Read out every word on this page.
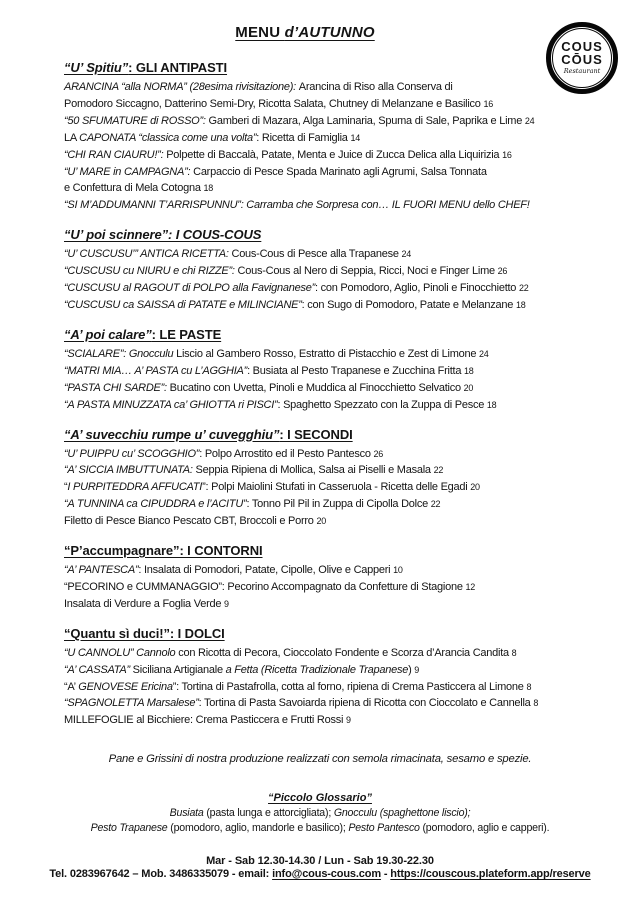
MENU d’AUTUNNO
COUS
CŌUS
Restaurant
“U’ Spitiu”: GLI ANTIPASTI
ARANCINA “alla NORMA” (28esima rivisitazione): Arancina di Riso alla Conserva di
Pomodoro Siccagno, Datterino Semi-Dry, Ricotta Salata, Chutney di Melanzane e Basilico 16
“50 SFUMATURE di ROSSO”: Gamberi di Mazara, Alga Laminaria, Spuma di Sale, Paprika e Lime 24
LA CAPONATA “classica come una volta”: Ricetta di Famiglia 14
“CHI RAN CIAURU!”: Polpette di Baccalà, Patate, Menta e Juice di Zucca Delica alla Liquirizia 16
“U’ MARE in CAMPAGNA”: Carpaccio di Pesce Spada Marinato agli Agrumi, Salsa Tonnata
e Confettura di Mela Cotogna 18
“SI M’ADDUMANNI T’ARRISPUNNU”: Carramba che Sorpresa con… IL FUORI MENU dello CHEF!
“U’ poi scinnere”: I COUS-COUS
“U’ CUSCUSU’” ANTICA RICETTA: Cous-Cous di Pesce alla Trapanese 24
“CUSCUSU cu NIURU e chi RIZZE”: Cous-Cous al Nero di Seppia, Ricci, Noci e Finger Lime 26
“CUSCUSU al RAGOUT di POLPO alla Favignanese”: con Pomodoro, Aglio, Pinoli e Finocchietto 22
“CUSCUSU ca SAISSA di PATATE e MILINCIANE”: con Sugo di Pomodoro, Patate e Melanzane 18
“A’ poi calare”: LE PASTE
“SCIALARE”: Gnocculu Liscio al Gambero Rosso, Estratto di Pistacchio e Zest di Limone 24
“MATRI MIA… A’ PASTA cu L’AGGHIA”: Busiata al Pesto Trapanese e Zucchina Fritta 18
“PASTA CHI SARDE”: Bucatino con Uvetta, Pinoli e Muddica al Finocchietto Selvatico 20
“A PASTA MINUZZATA ca’ GHIOTTA ri PISCI”: Spaghetto Spezzato con la Zuppa di Pesce 18
“A’ suvecchiu rumpe u’ cuvegghiu”: I SECONDI
“U’ PUIPPU cu’ SCOGGHIO”: Polpo Arrostito ed il Pesto Pantesco 26
“A’ SICCIA IMBUTTUNATA: Seppia Ripiena di Mollica, Salsa ai Piselli e Masala 22
“I PURPITEDDRA AFFUCATI”: Polpi Maiolini Stufati in Casseruola - Ricetta delle Egadi 20
“A TUNNINA ca CIPUDDRA e l’ACITU”: Tonno Pil Pil in Zuppa di Cipolla Dolce 22
Filetto di Pesce Bianco Pescato CBT, Broccoli e Porro 20
“P’accumpagnare”: I CONTORNI
“A’ PANTESCA”: Insalata di Pomodori, Patate, Cipolle, Olive e Capperi 10
“PECORINO e CUMMANAGGIO”: Pecorino Accompagnato da Confetture di Stagione 12
Insalata di Verdure a Foglia Verde 9
“Quantu sì duci!”: I DOLCI
“U CANNOLU” Cannolo con Ricotta di Pecora, Cioccolato Fondente e Scorza d’Arancia Candita 8
“A’ CASSATA” Siciliana Artigianale a Fetta (Ricetta Tradizionale Trapanese) 9
“A’ GENOVESE Ericina”: Tortina di Pastafrolla, cotta al forno, ripiena di Crema Pasticcera al Limone 8
“SPAGNOLETTA Marsalese”: Tortina di Pasta Savoiarda ripiena di Ricotta con Cioccolato e Cannella 8
MILLEFOGLIE al Bicchiere: Crema Pasticcera e Frutti Rossi 9
Pane e Grissini di nostra produzione realizzati con semola rimacinata, sesamo e spezie.
“Piccolo Glossario”
Busiata (pasta lunga e attorcigliata); Gnocculu (spaghettone liscio);
Pesto Trapanese (pomodoro, aglio, mandorle e basilico); Pesto Pantesco (pomodoro, aglio e capperi).
Mar - Sab 12.30-14.30 / Lun - Sab 19.30-22.30
Tel. 0283967642 – Mob. 3486335079 - email: info@cous-cous.com - https://couscous.plateform.app/reserve
